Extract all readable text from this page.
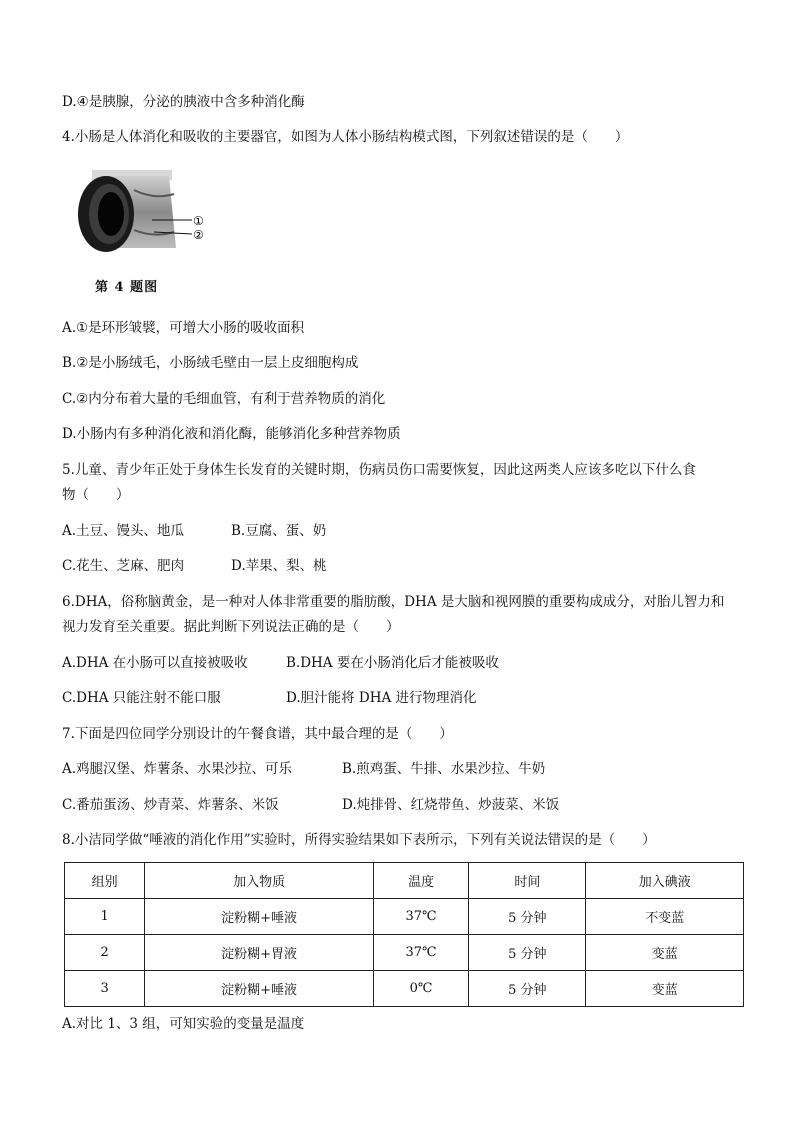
D.④是胰腺，分泌的胰液中含多种消化酶
4.小肠是人体消化和吸收的主要器官，如图为人体小肠结构模式图，下列叙述错误的是（　　）
①
②
第 4 题图
A.①是环形皱襞，可增大小肠的吸收面积
B.②是小肠绒毛，小肠绒毛壁由一层上皮细胞构成
C.②内分布着大量的毛细血管，有利于营养物质的消化
D.小肠内有多种消化液和消化酶，能够消化多种营养物质
5.儿童、青少年正处于身体生长发育的关键时期，伤病员伤口需要恢复，因此这两类人应该多吃以下什么食
物（　　）
A.土豆、馒头、地瓜	B.豆腐、蛋、奶
C.花生、芝麻、肥肉	D.苹果、梨、桃
6.DHA，俗称脑黄金，是一种对人体非常重要的脂肪酸，DHA 是大脑和视网膜的重要构成成分，对胎儿智力和
视力发育至关重要。据此判断下列说法正确的是（　　）
A.DHA 在小肠可以直接被吸收	B.DHA 要在小肠消化后才能被吸收
C.DHA 只能注射不能口服	D.胆汁能将 DHA 进行物理消化
7.下面是四位同学分别设计的午餐食谱，其中最合理的是（　　）
A.鸡腿汉堡、炸薯条、水果沙拉、可乐	B.煎鸡蛋、牛排、水果沙拉、牛奶
C.番茄蛋汤、炒青菜、炸薯条、米饭	D.炖排骨、红烧带鱼、炒菠菜、米饭
8.小洁同学做“唾液的消化作用”实验时，所得实验结果如下表所示，下列有关说法错误的是（　　）
组别	加入物质	温度	时间	加入碘液
1	淀粉糊+唾液	37℃	5 分钟	不变蓝
2	淀粉糊+胃液	37℃	5 分钟	变蓝
3	淀粉糊+唾液	0℃	5 分钟	变蓝
A.对比 1、3 组，可知实验的变量是温度
